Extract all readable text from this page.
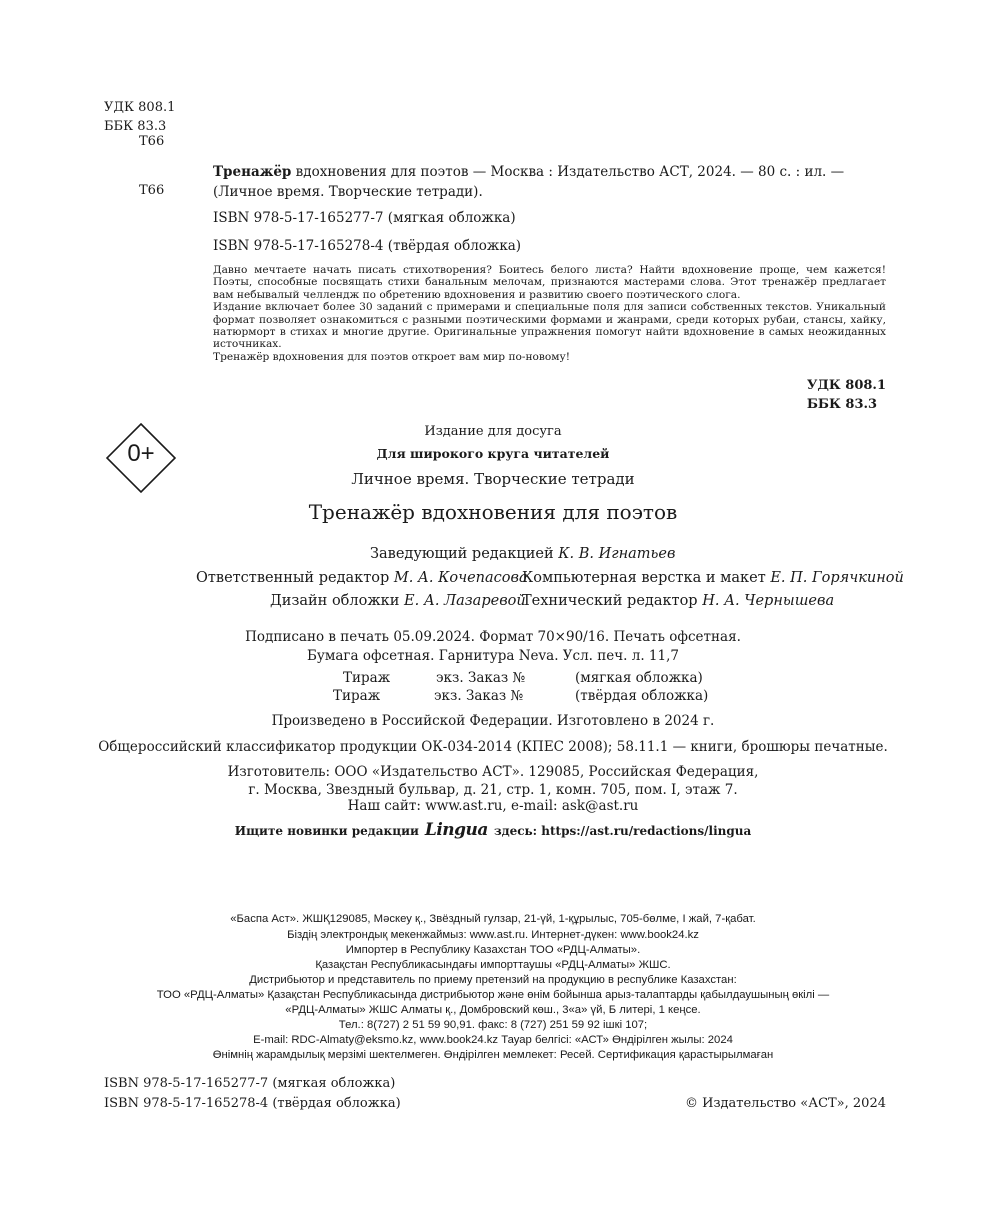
УДК 808.1
ББК 83.3
Т66
Т66
Тренажёр вдохновения для поэтов — Москва : Издательство АСТ, 2024. — 80 с. : ил. — (Личное время. Творческие тетради).
ISBN 978-5-17-165277-7 (мягкая обложка)
ISBN 978-5-17-165278-4 (твёрдая обложка)

Давно мечтаете начать писать стихотворения? Боитесь белого листа? Найти вдохновение проще, чем кажется! Поэты, способные посвящать стихи банальным мелочам, признаются мастерами слова. Этот тренажёр предлагает вам небывалый челлендж по обретению вдохновения и развитию своего поэтического слога.

Издание включает более 30 заданий с примерами и специальные поля для записи собственных текстов. Уникальный формат позволяет ознакомиться с разными поэтическими формами и жанрами, среди которых рубаи, стансы, хайку, натюрморт в стихах и многие другие. Оригинальные упражнения помогут найти вдохновение в самых неожиданных источниках.

Тренажёр вдохновения для поэтов откроет вам мир по-новому!

УДК 808.1
ББК 83.3
0+
Издание для досуга
Для широкого круга читателей
Личное время. Творческие тетради
Тренажёр вдохновения для поэтов
Заведующий редакцией К. В. Игнатьев
Ответственный редактор М. А. Кочепасова
Компьютерная верстка и макет Е. П. Горячкиной
Дизайн обложки Е. А. Лазаревой
Технический редактор Н. А. Чернышева
Подписано в печать 05.09.2024. Формат 70×90/16. Печать офсетная.
Бумага офсетная. Гарнитура Neva. Усл. печ. л. 11,7
Тираж	экз. Заказ №	(мягкая обложка)
Тираж	экз. Заказ №	(твёрдая обложка)
Произведено в Российской Федерации. Изготовлено в 2024 г.
Общероссийский классификатор продукции ОК-034-2014 (КПЕС 2008); 58.11.1 — книги, брошюры печатные.
Изготовитель: ООО «Издательство АСТ». 129085, Российская Федерация,
г. Москва, Звездный бульвар, д. 21, стр. 1, комн. 705, пом. I, этаж 7.
Наш сайт: www.ast.ru, e-mail: ask@ast.ru
Ищите новинки редакции Lingua здесь: https://ast.ru/redactions/lingua
«Баспа Аст». ЖШҚ129085, Мәскеу қ., Звёздный гулзар, 21-үй, 1-құрылыс, 705-бөлме, I жай, 7-қабат.
Біздің электрондық мекенжаймыз: www.ast.ru. Интернет-дүкен: www.book24.kz
Импортер в Республику Казахстан ТОО «РДЦ-Алматы».
Қазақстан Республикасындағы импорттаушы «РДЦ-Алматы» ЖШС.
Дистрибьютор и представитель по приему претензий на продукцию в республике Казахстан:
ТОО «РДЦ-Алматы» Қазақстан Республикасында дистрибьютор және өнім бойынша арыз-талаптарды қабылдаушының өкілі —
«РДЦ-Алматы» ЖШС Алматы қ., Домбровский көш., 3«а» үй, Б литері, 1 кеңсе.
Тел.: 8(727) 2 51 59 90,91. факс: 8 (727) 251 59 92 ішкі 107;
E-mail: RDC-Almaty@eksmo.kz, www.book24.kz Тауар белгісі: «АСТ» Өндірілген жылы: 2024
Өнімнің жарамдылық мерзімі шектелмеген. Өндірілген мемлекет: Ресей. Сертификация қарастырылмаған
ISBN 978-5-17-165277-7 (мягкая обложка)
ISBN 978-5-17-165278-4 (твёрдая обложка)	© Издательство «АСТ», 2024
